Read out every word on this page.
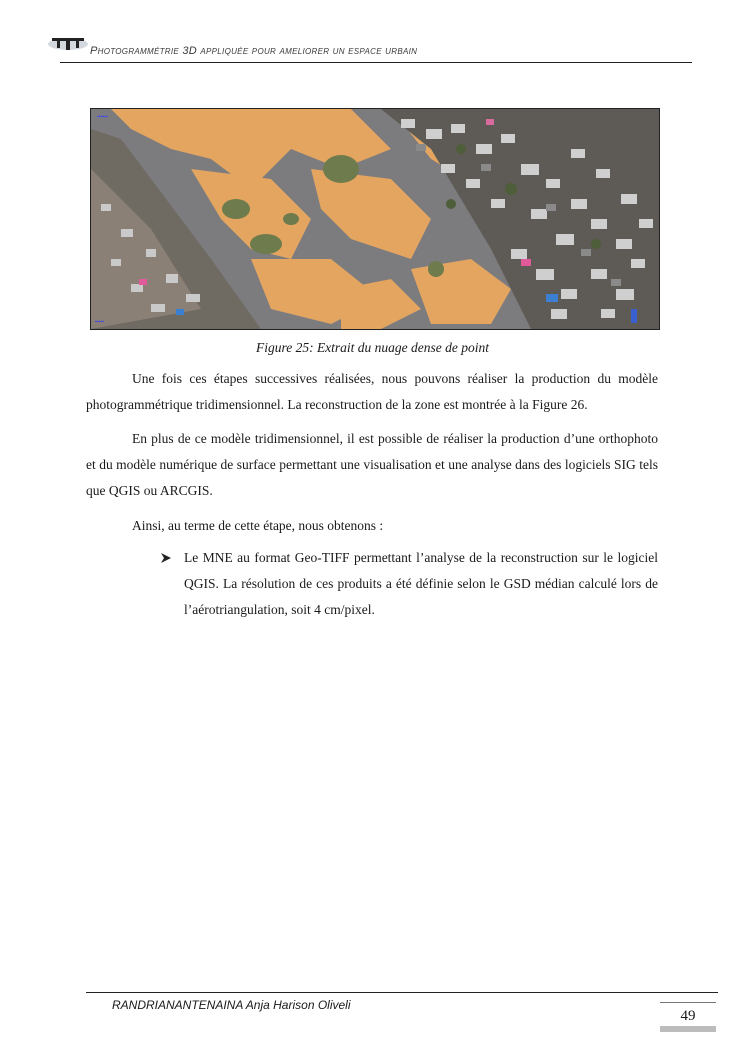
Photogrammétrie 3D appliquée pour ameliorer un espace urbain
▪▪▪▪▪▪
▪▪▪▪▪
Figure 25: Extrait du nuage dense de point
Une fois ces étapes successives réalisées, nous pouvons réaliser la production du modèle photogrammétrique tridimensionnel. La reconstruction de la zone est montrée à la Figure 26.
En plus de ce modèle tridimensionnel, il est possible de réaliser la production d’une orthophoto et du modèle numérique de surface permettant une visualisation et une analyse dans des logiciels SIG tels que QGIS ou ARCGIS.
Ainsi, au terme de cette étape, nous obtenons :
Le MNE au format Geo-TIFF permettant l’analyse de la reconstruction sur le logiciel QGIS. La résolution de ces produits a été définie selon le GSD médian calculé lors de l’aérotriangulation, soit 4 cm/pixel.
RANDRIANANTENAINA Anja Harison Oliveli
49
